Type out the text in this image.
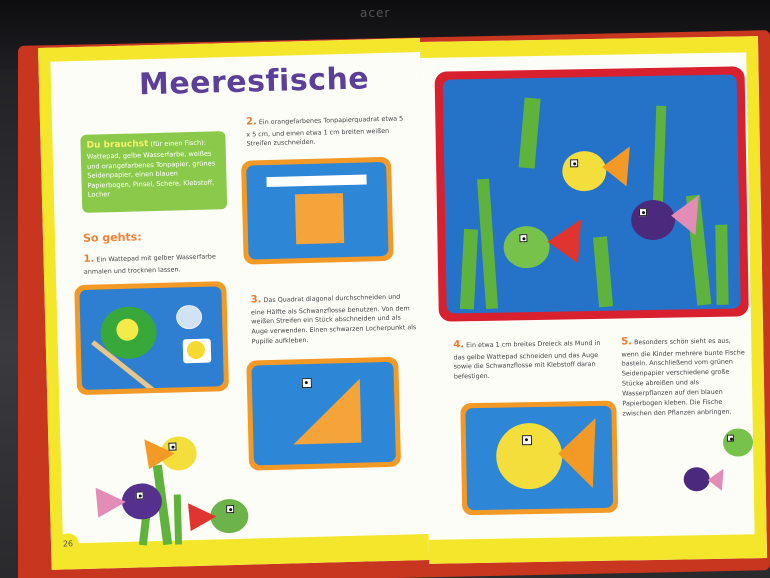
acer
Meeresfische
Du brauchst (für einen Fisch): Wattepad, gelbe Wasserfarbe, weißes und orangefarbenes Tonpapier, grünes Seidenpapier, einen blauen Papierbogen, Pinsel, Schere, Klebstoff, Locher
So gehts:
1. Ein Wattepad mit gelber Wasserfarbe anmalen und trocknen lassen.
2. Ein orangefarbenes Tonpapierquadrat etwa 5 x 5 cm, und einen etwa 1 cm breiten weißen Streifen zuschneiden.
3. Das Quadrat diagonal durchschneiden und eine Hälfte als Schwanzflosse benutzen. Von dem weißen Streifen ein Stück abschneiden und als Auge verwenden. Einen schwarzen Locherpunkt als Pupille aufkleben.
26
4. Ein etwa 1 cm breites Dreieck als Mund in das gelbe Wattepad schneiden und das Auge sowie die Schwanzflosse mit Klebstoff daran befestigen.
5. Besonders schön sieht es aus, wenn die Kinder mehrere bunte Fische basteln. Anschließend vom grünen Seidenpapier verschiedene große Stücke abreißen und als Wasserpflanzen auf den blauen Papierbogen kleben. Die Fische zwischen den Pflanzen anbringen.
